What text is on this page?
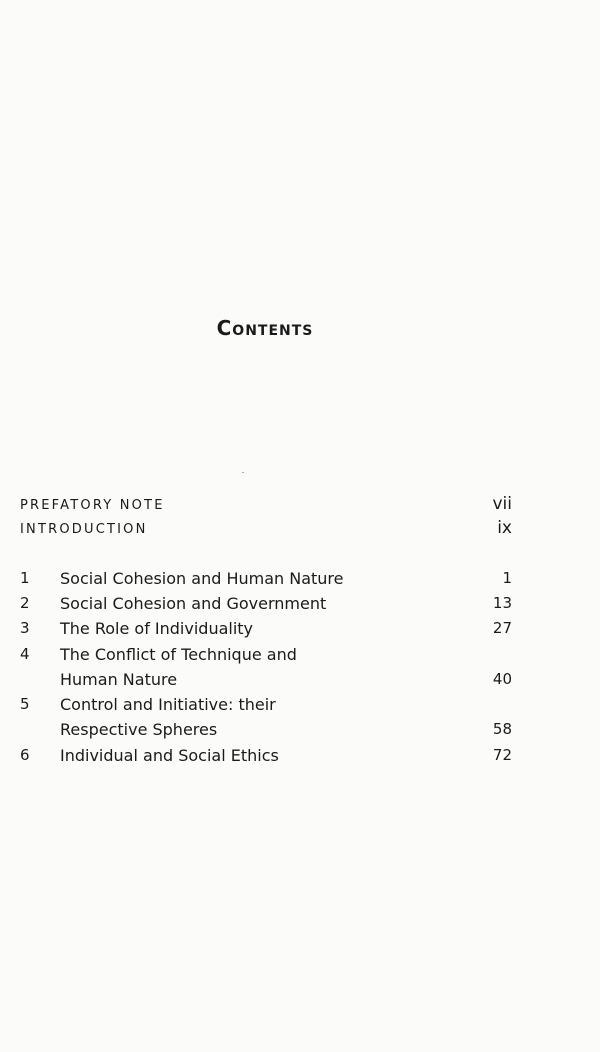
Contents
PREFATORY NOTE	vii
INTRODUCTION	ix
1 Social Cohesion and Human Nature	1
2 Social Cohesion and Government	13
3 The Role of Individuality	27
4 The Conflict of Technique and
Human Nature	40
5 Control and Initiative: their
Respective Spheres	58
6 Individual and Social Ethics	72
